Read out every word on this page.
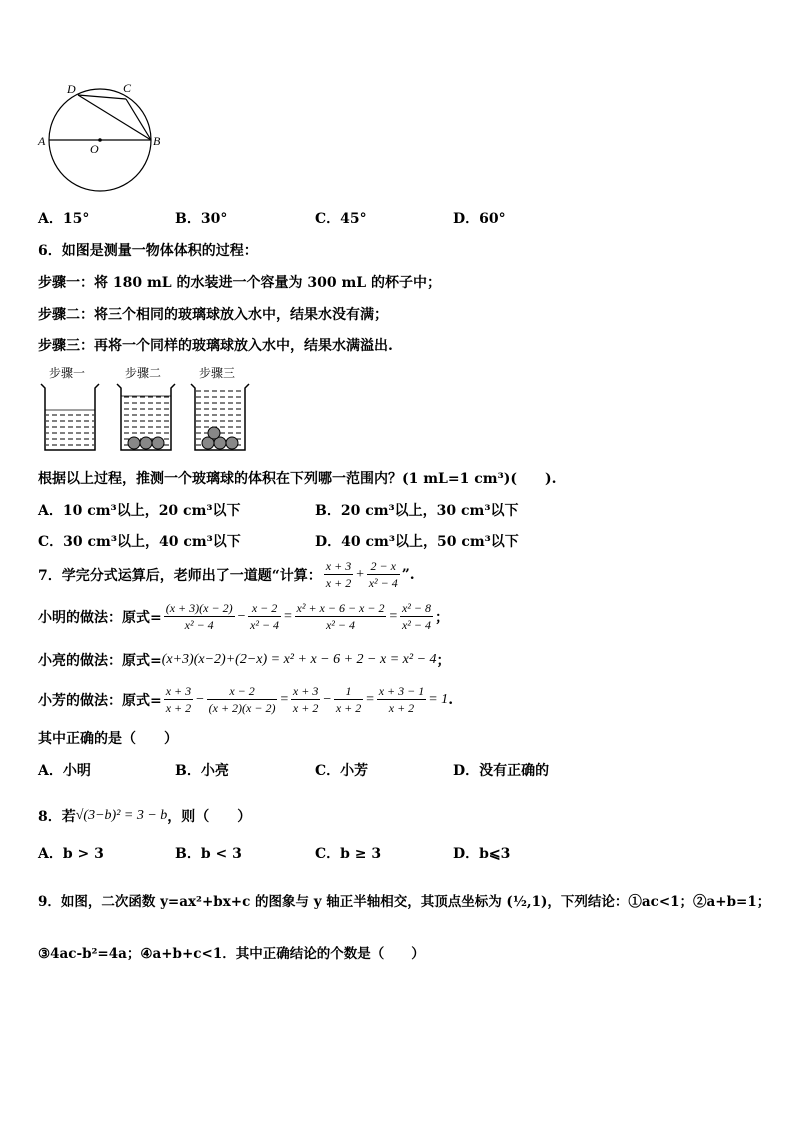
D	C
A	B
O
A．15°	B．30°	C．45°	D．60°
6．如图是测量一物体体积的过程：
步骤一：将 180 mL 的水装进一个容量为 300 mL 的杯子中；
步骤二：将三个相同的玻璃球放入水中，结果水没有满；
步骤三：再将一个同样的玻璃球放入水中，结果水满溢出.
步骤一	步骤二	步骤三
根据以上过程，推测一个玻璃球的体积在下列哪一范围内？(1 mL=1 cm³)(　　).
A．10 cm³以上，20 cm³以下	B．20 cm³以上，30 cm³以下
C．30 cm³以上，40 cm³以下	D．40 cm³以上，50 cm³以下
7．学完分式运算后，老师出了一道题“计算： $\frac{x + 3}{x + 2} + \frac{2 - x}{\text{x² − 4}}$ ”.
小明的做法：原式= $\frac{(x + 3)(x - 2)}{\text{x² − 4}} - \frac{x - 2}{\text{x² − 4}} = \frac{\text{x² + x − 6 − x − 2}}{\text{x² − 4}} = \frac{\text{x² − 8}}{\text{x² − 4}}$ ；
小亮的做法：原式= (x+3)(x−2)+(2−x) = x² + x − 6 + 2 − x = x² − 4 ；
小芳的做法：原式= $\frac{x + 3}{x + 2} - \frac{x - 2}{(x + 2)(x - 2)} = \frac{x + 3}{x + 2} - \frac{1}{x + 2} = \frac{x + 3 - 1}{x + 2} = 1$ .
其中正确的是（　　）
A．小明	B．小亮	C．小芳	D．没有正确的
8．若 √(3−b)² = 3 − b ，则（　　）
A．b > 3	B．b < 3	C．b ≥ 3	D．b⩽3
9．如图，二次函数 y=ax²+bx+c 的图象与 y 轴正半轴相交，其顶点坐标为 (½,1)，下列结论：①ac<1；②a+b=1；
③4ac-b²=4a；④a+b+c<1．其中正确结论的个数是（　　）
